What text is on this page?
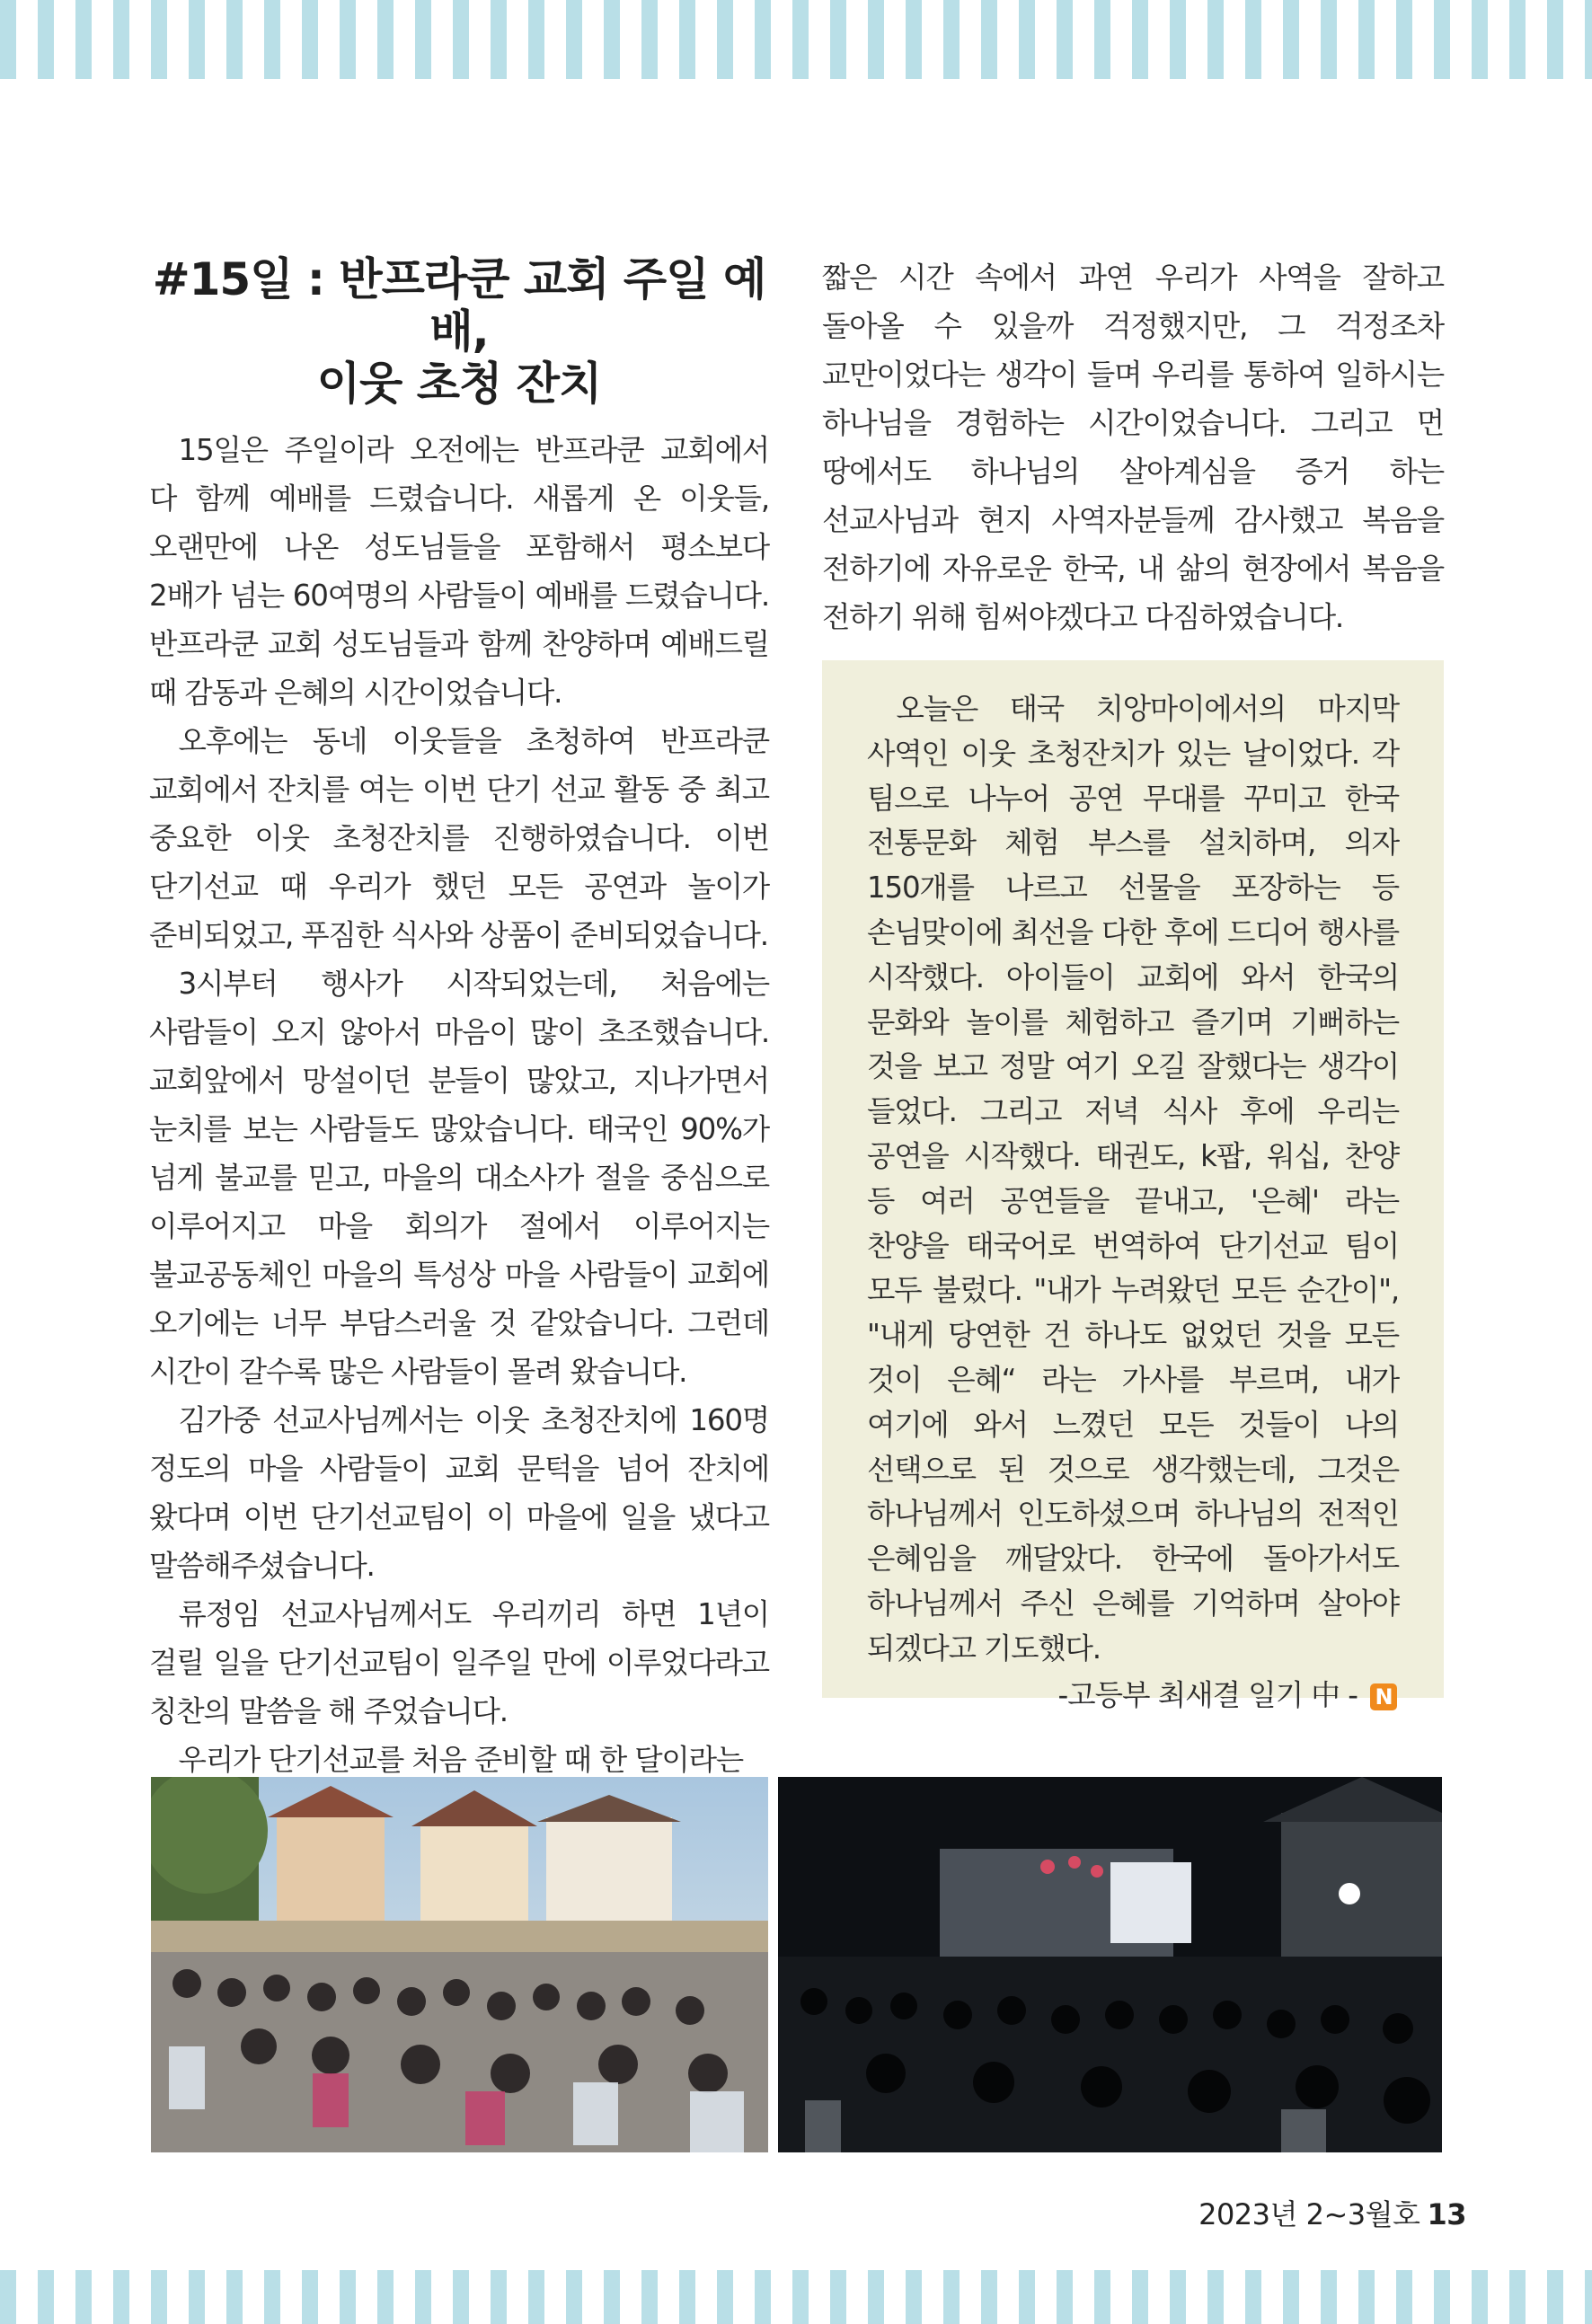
#15일 : 반프라쿤 교회 주일 예배,
이웃 초청 잔치

15일은 주일이라 오전에는 반프라쿤 교회에서 다 함께 예배를 드렸습니다. 새롭게 온 이웃들, 오랜만에 나온 성도님들을 포함해서 평소보다 2배가 넘는 60여명의 사람들이 예배를 드렸습니다. 반프라쿤 교회 성도님들과 함께 찬양하며 예배드릴 때 감동과 은혜의 시간이었습니다.

오후에는 동네 이웃들을 초청하여 반프라쿤 교회에서 잔치를 여는 이번 단기 선교 활동 중 최고 중요한 이웃 초청잔치를 진행하였습니다. 이번 단기선교 때 우리가 했던 모든 공연과 놀이가 준비되었고, 푸짐한 식사와 상품이 준비되었습니다.

3시부터 행사가 시작되었는데, 처음에는 사람들이 오지 않아서 마음이 많이 초조했습니다. 교회앞에서 망설이던 분들이 많았고, 지나가면서 눈치를 보는 사람들도 많았습니다. 태국인 90%가 넘게 불교를 믿고, 마을의 대소사가 절을 중심으로 이루어지고 마을 회의가 절에서 이루어지는 불교공동체인 마을의 특성상 마을 사람들이 교회에 오기에는 너무 부담스러울 것 같았습니다. 그런데 시간이 갈수록 많은 사람들이 몰려 왔습니다.

김가중 선교사님께서는 이웃 초청잔치에 160명 정도의 마을 사람들이 교회 문턱을 넘어 잔치에 왔다며 이번 단기선교팀이 이 마을에 일을 냈다고 말씀해주셨습니다.

류정임 선교사님께서도 우리끼리 하면 1년이 걸릴 일을 단기선교팀이 일주일 만에 이루었다라고 칭찬의 말씀을 해 주었습니다.

우리가 단기선교를 처음 준비할 때 한 달이라는

짧은 시간 속에서 과연 우리가 사역을 잘하고 돌아올 수 있을까 걱정했지만, 그 걱정조차 교만이었다는 생각이 들며 우리를 통하여 일하시는 하나님을 경험하는 시간이었습니다. 그리고 먼 땅에서도 하나님의 살아계심을 증거 하는 선교사님과 현지 사역자분들께 감사했고 복음을 전하기에 자유로운 한국, 내 삶의 현장에서 복음을 전하기 위해 힘써야겠다고 다짐하였습니다.

오늘은 태국 치앙마이에서의 마지막 사역인 이웃 초청잔치가 있는 날이었다. 각 팀으로 나누어 공연 무대를 꾸미고 한국 전통문화 체험 부스를 설치하며, 의자 150개를 나르고 선물을 포장하는 등 손님맞이에 최선을 다한 후에 드디어 행사를 시작했다. 아이들이 교회에 와서 한국의 문화와 놀이를 체험하고 즐기며 기뻐하는 것을 보고 정말 여기 오길 잘했다는 생각이 들었다. 그리고 저녁 식사 후에 우리는 공연을 시작했다. 태권도, k팝, 워십, 찬양 등 여러 공연들을 끝내고, '은혜' 라는 찬양을 태국어로 번역하여 단기선교 팀이 모두 불렀다. "내가 누려왔던 모든 순간이", "내게 당연한 건 하나도 없었던 것을 모든 것이 은혜“ 라는 가사를 부르며, 내가 여기에 와서 느꼈던 모든 것들이 나의 선택으로 된 것으로 생각했는데, 그것은 하나님께서 인도하셨으며 하나님의 전적인 은혜임을 깨달았다. 한국에 돌아가서도 하나님께서 주신 은혜를 기억하며 살아야 되겠다고 기도했다.

-고등부 최새결 일기 中 - N
2023년 2~3월호 13
